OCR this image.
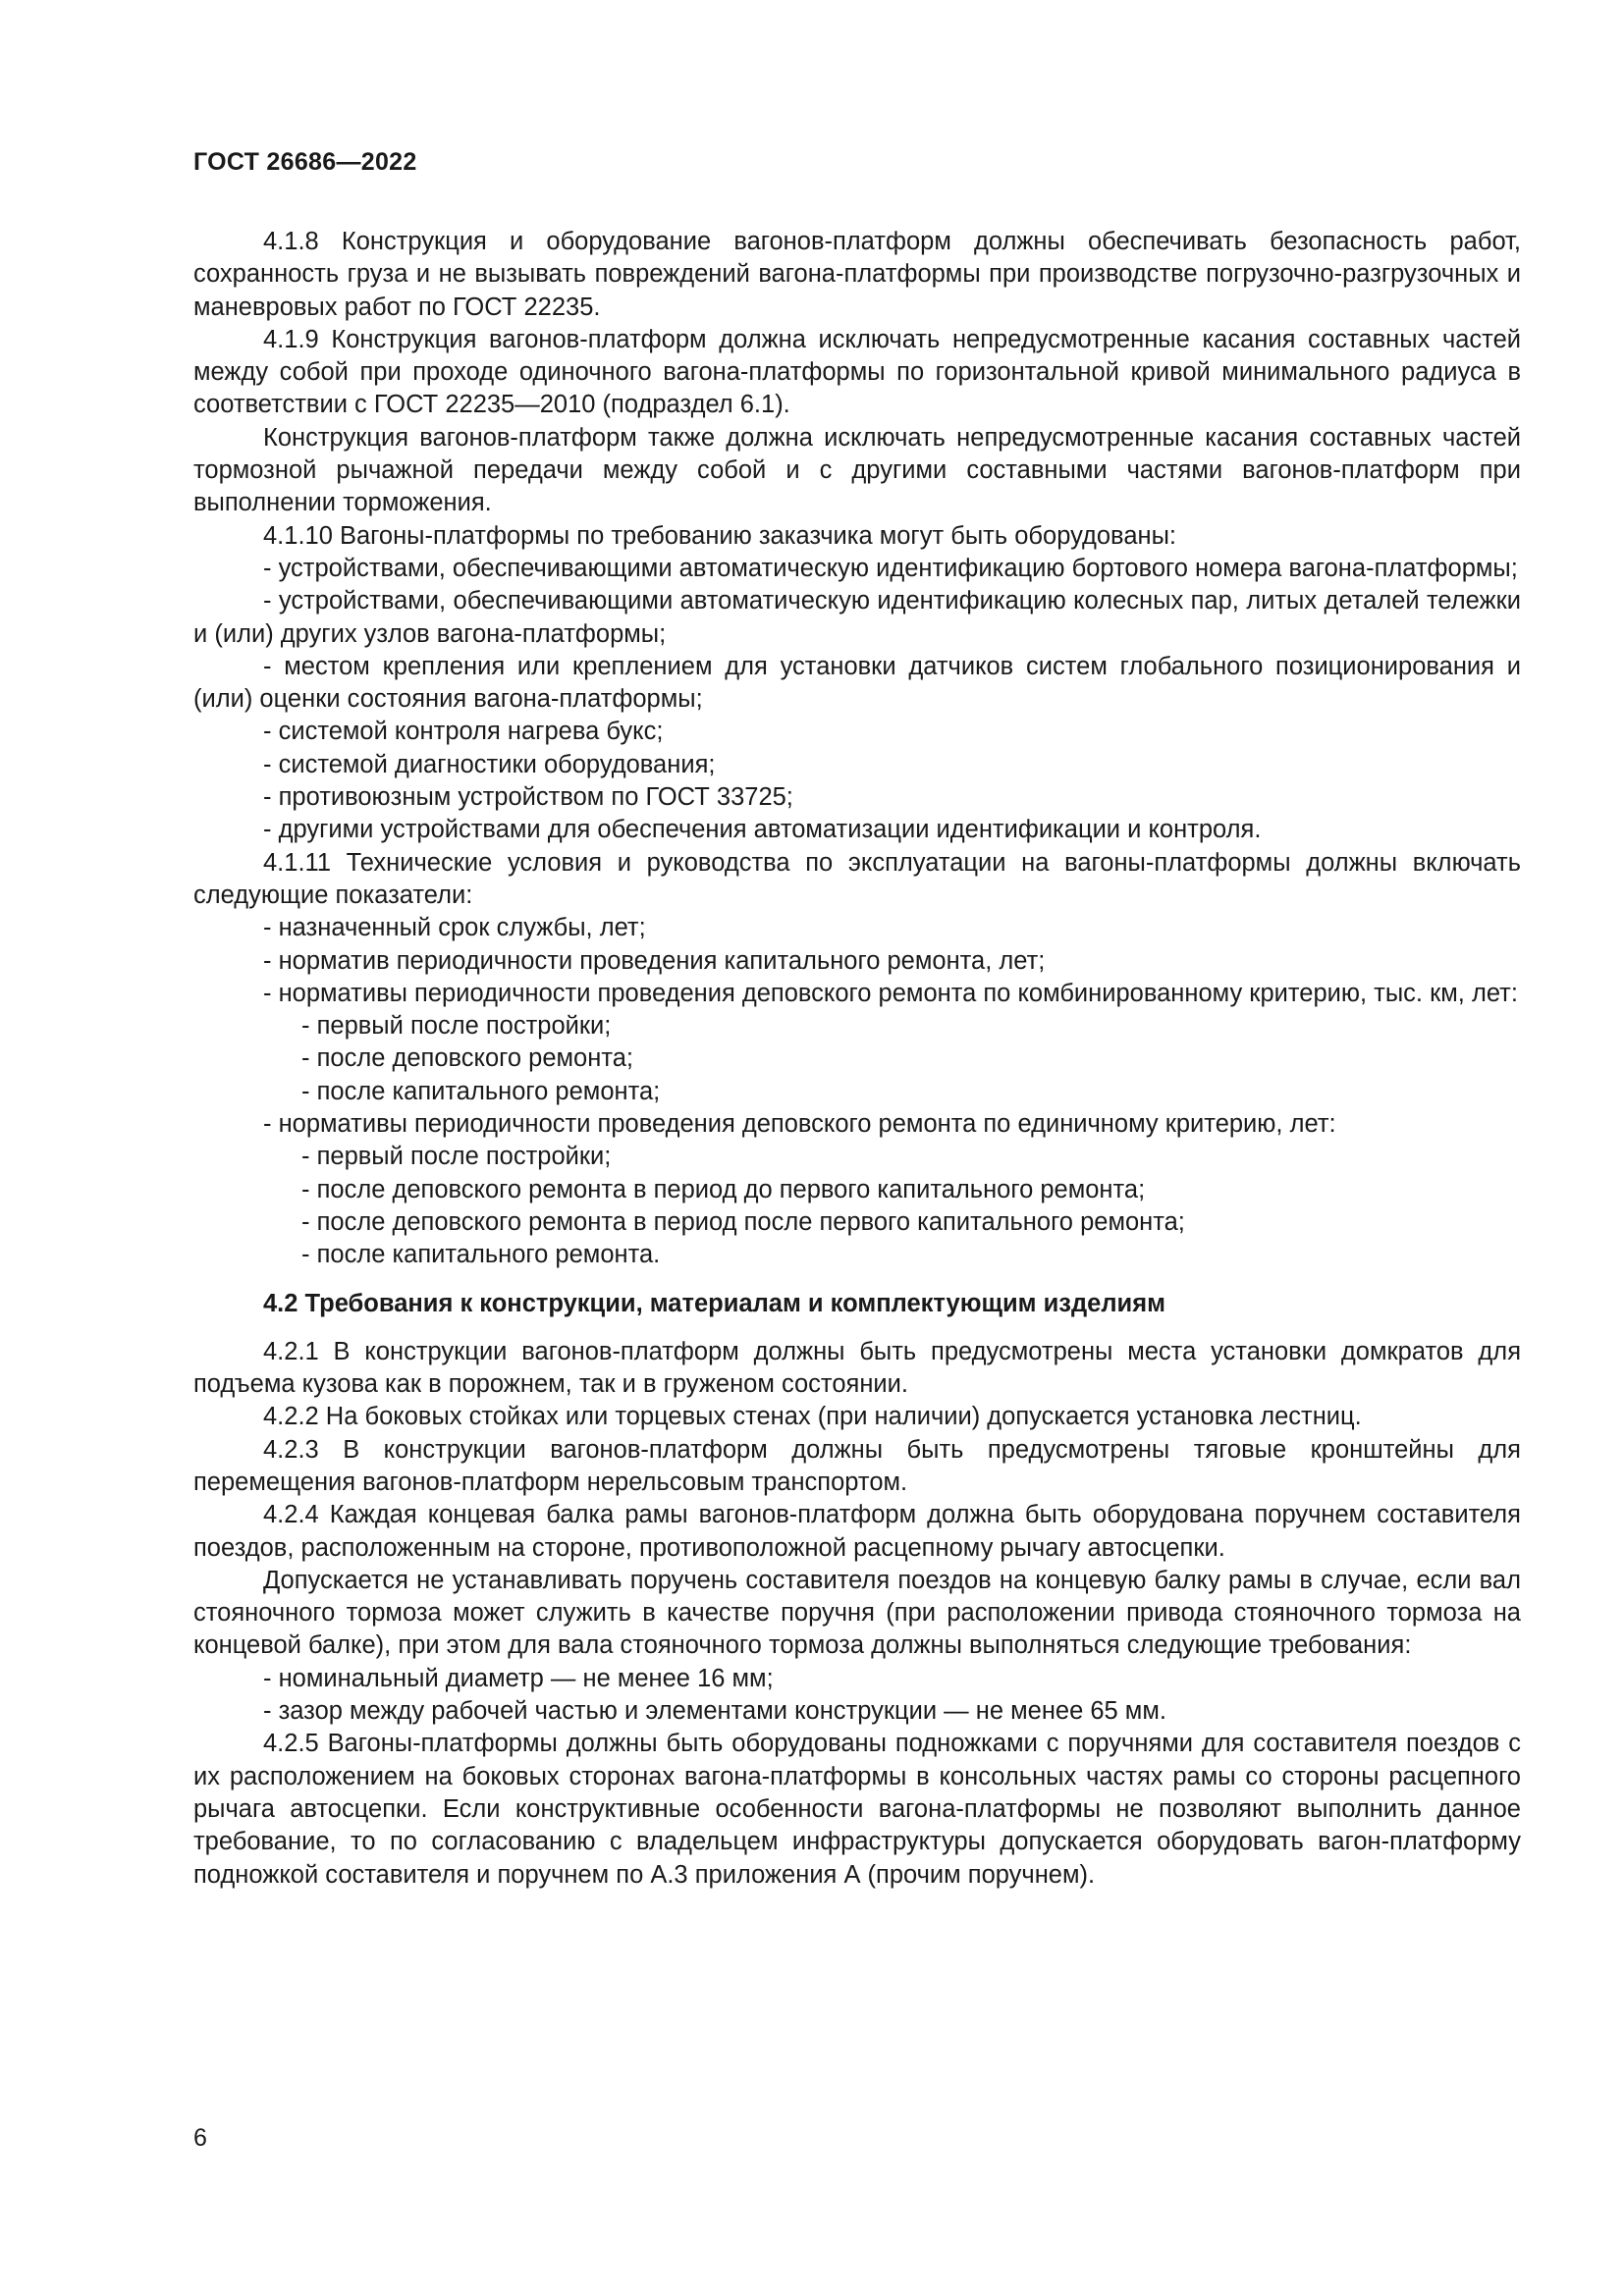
ГОСТ 26686—2022

4.1.8 Конструкция и оборудование вагонов-платформ должны обеспечивать безопасность работ, сохранность груза и не вызывать повреждений вагона-платформы при производстве погрузочно-разгрузочных и маневровых работ по ГОСТ 22235.

4.1.9 Конструкция вагонов-платформ должна исключать непредусмотренные касания составных частей между собой при проходе одиночного вагона-платформы по горизонтальной кривой минимального радиуса в соответствии с ГОСТ 22235—2010 (подраздел 6.1).

Конструкция вагонов-платформ также должна исключать непредусмотренные касания составных частей тормозной рычажной передачи между собой и с другими составными частями вагонов-платформ при выполнении торможения.

4.1.10 Вагоны-платформы по требованию заказчика могут быть оборудованы:

- устройствами, обеспечивающими автоматическую идентификацию бортового номера вагона-платформы;

- устройствами, обеспечивающими автоматическую идентификацию колесных пар, литых деталей тележки и (или) других узлов вагона-платформы;

- местом крепления или креплением для установки датчиков систем глобального позиционирования и (или) оценки состояния вагона-платформы;

- системой контроля нагрева букс;

- системой диагностики оборудования;

- противоюзным устройством по ГОСТ 33725;

- другими устройствами для обеспечения автоматизации идентификации и контроля.

4.1.11 Технические условия и руководства по эксплуатации на вагоны-платформы должны включать следующие показатели:

- назначенный срок службы, лет;

- норматив периодичности проведения капитального ремонта, лет;

- нормативы периодичности проведения деповского ремонта по комбинированному критерию, тыс. км, лет:

- первый после постройки;

- после деповского ремонта;

- после капитального ремонта;

- нормативы периодичности проведения деповского ремонта по единичному критерию, лет:

- первый после постройки;

- после деповского ремонта в период до первого капитального ремонта;

- после деповского ремонта в период после первого капитального ремонта;

- после капитального ремонта.

4.2 Требования к конструкции, материалам и комплектующим изделиям

4.2.1 В конструкции вагонов-платформ должны быть предусмотрены места установки домкратов для подъема кузова как в порожнем, так и в груженом состоянии.

4.2.2 На боковых стойках или торцевых стенах (при наличии) допускается установка лестниц.

4.2.3 В конструкции вагонов-платформ должны быть предусмотрены тяговые кронштейны для перемещения вагонов-платформ нерельсовым транспортом.

4.2.4 Каждая концевая балка рамы вагонов-платформ должна быть оборудована поручнем составителя поездов, расположенным на стороне, противоположной расцепному рычагу автосцепки.

Допускается не устанавливать поручень составителя поездов на концевую балку рамы в случае, если вал стояночного тормоза может служить в качестве поручня (при расположении привода стояночного тормоза на концевой балке), при этом для вала стояночного тормоза должны выполняться следующие требования:

- номинальный диаметр — не менее 16 мм;

- зазор между рабочей частью и элементами конструкции — не менее 65 мм.

4.2.5 Вагоны-платформы должны быть оборудованы подножками с поручнями для составителя поездов с их расположением на боковых сторонах вагона-платформы в консольных частях рамы со стороны расцепного рычага автосцепки. Если конструктивные особенности вагона-платформы не позволяют выполнить данное требование, то по согласованию с владельцем инфраструктуры допускается оборудовать вагон-платформу подножкой составителя и поручнем по А.3 приложения А (прочим поручнем).

6
